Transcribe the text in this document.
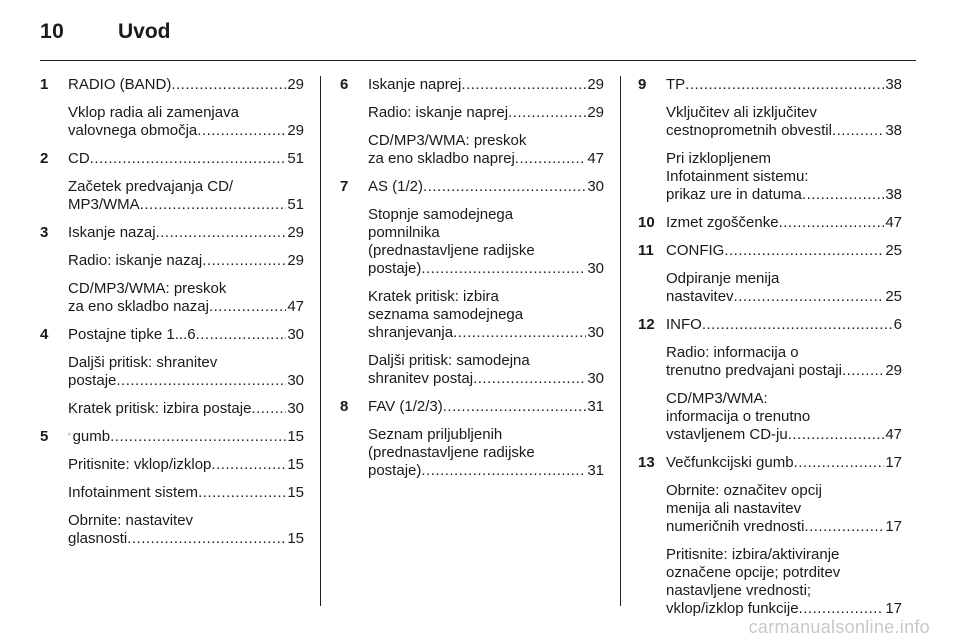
10	Uvod
1	RADIO (BAND) .....	29
Vklop radia ali zamenjava
valovnega območja .....	29
2	CD .....	51
Začetek predvajanja CD/
MP3/WMA .....	51
3	Iskanje nazaj .....	29
Radio: iskanje nazaj .....	29
CD/MP3/WMA: preskok
za eno skladbo nazaj .....	47
4	Postajne tipke 1...6 .....	30
Daljši pritisk: shranitev
postaje .....	30
Kratek pritisk: izbira postaje ..... 30
5	gumb .....	15
Pritisnite: vklop/izklop .....	15
Infotainment sistem .....	15
Obrnite: nastavitev
glasnosti .....	15
6	Iskanje naprej .....	29
Radio: iskanje naprej .....	29
CD/MP3/WMA: preskok
za eno skladbo naprej .....	47
7	AS (1/2) .....	30
Stopnje samodejnega
pomnilnika
(prednastavljene radijske
postaje) .....	30
Kratek pritisk: izbira
seznama samodejnega
shranjevanja .....	30
Daljši pritisk: samodejna
shranitev postaj .....	30
8	FAV (1/2/3) .....	31
Seznam priljubljenih
(prednastavljene radijske
postaje) .....	31
9	TP .....	38
Vključitev ali izključitev
cestnoprometnih obvestil .....	38
Pri izklopljenem
Infotainment sistemu:
prikaz ure in datuma .....	38
10 Izmet zgoščenke .....	47
11 CONFIG .....	25
Odpiranje menija
nastavitev .....	25
12 INFO .....	6
Radio: informacija o
trenutno predvajani postaji .....	29
CD/MP3/WMA:
informacija o trenutno
vstavljenem CD-ju .....	47
13 Večfunkcijski gumb .....	17
Obrnite: označitev opcij
menija ali nastavitev
numeričnih vrednosti .....	17
Pritisnite: izbira/aktiviranje
označene opcije; potrditev
nastavljene vrednosti;
vklop/izklop funkcije .....	17
carmanualsonline.info
